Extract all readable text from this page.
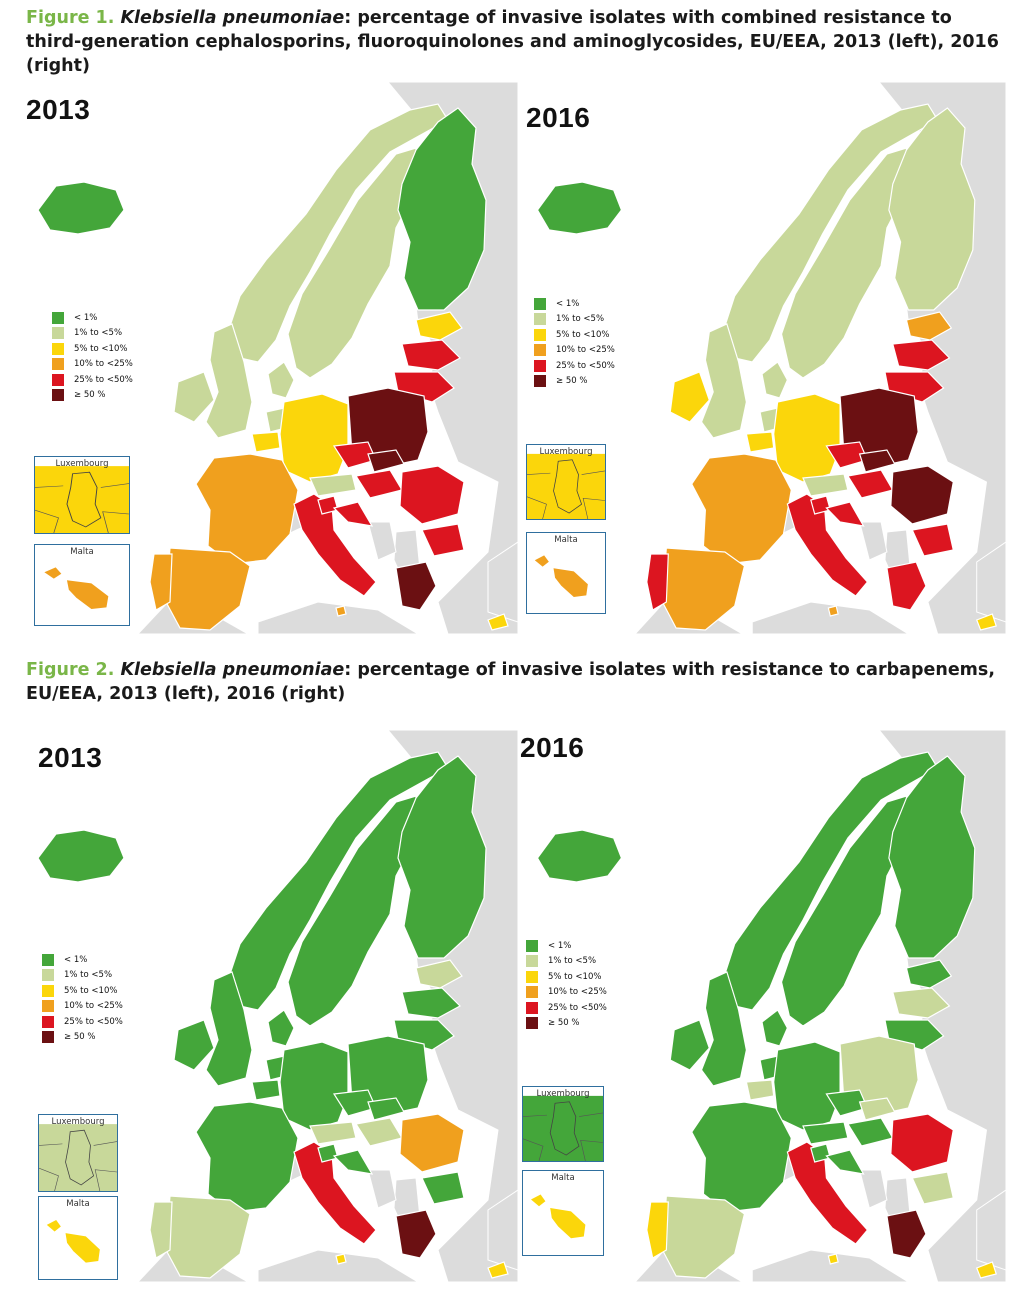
Figure 1. Klebsiella pneumoniae: percentage of invasive isolates with combined resistance to third-generation cephalosporins, fluoroquinolones and aminoglycosides, EU/EEA, 2013 (left), 2016 (right)
Figure 2. Klebsiella pneumoniae: percentage of invasive isolates with resistance to carbapenems, EU/EEA, 2013 (left), 2016 (right)
2013
< 1%
1% to <5%
5% to <10%
10% to <25%
25% to <50%
≥ 50 %
Luxembourg
Malta
2016
< 1%
1% to <5%
5% to <10%
10% to <25%
25% to <50%
≥ 50 %
Luxembourg
Malta
2013
< 1%
1% to <5%
5% to <10%
10% to <25%
25% to <50%
≥ 50 %
Luxembourg
Malta
2016
< 1%
1% to <5%
5% to <10%
10% to <25%
25% to <50%
≥ 50 %
Luxembourg
Malta
